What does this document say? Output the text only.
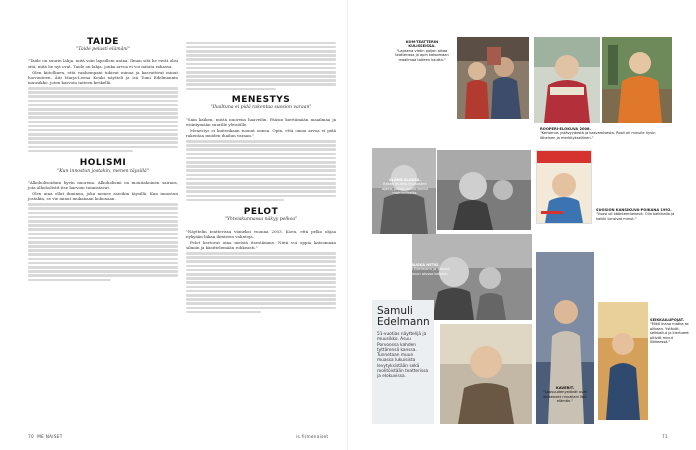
TAIDE
"Taide pelasti elämäni"

"Taide on suurin lahja, mitä voin lapsilleni antaa. Ilman sitä he eivät olisi sitä, mitä he nyt ovat. Taide on lahja, jonka arvoa ei voi mitata rahassa.

Olen kiitollinen, että vanhempani tukivat minua ja kasvattivat minut luovuuteen. Äiti Marja-Leena Kouki näytteli ja isä Tomi Edelmannin muusikko, joten kasvoin taiteen keskellä.

HOLISMI
"Kun innostun jostakin, menen täysillä"

"Alkoholisoiduin hyvin nuorena. Alkoholismi on monitahoinen sairaus, jota alkoholistit itse harvoin tunnistavat.

Olen aina ollut ihminen, joka menee asioihin täysillä. Kun innostun jostakin, se vie minut mukanaan kokonaan.

MENESTYS
"Ihailtuna ei pidä rakentaa suosion varaan"

"Sain kaiken, mistä nuorena haaveilin. Pääsin kiertämään maailmaa ja esiintymään suurille yleisöille.

Menestys ei kuitenkaan tuonut onnea. Opin, että omaa arvoa ei pidä rakentaa muiden ihailun varaan."

PELOT
"Yhteiskunnassa näkyy pelkoa"

"Näyttelin teatterissa viimeksi vuonna 2003. Koen, että pelko ohjaa nykyään liikaa ihmisten valintoja.

Pelot kertovat aina meistä itsestämme. Niitä voi oppia katsomaan silmiin ja käsittelemään rohkeasti."

KOM-TEATTERIN KULISSEISSA.
"Lapsena vietin paljon aikaa teatterissa ja opin katsomaan maailmaa taiteen kautta."
ROOPERI-ELOKUVA 2008.
"Kertomus ystävyydestä ja kasvamisesta. Rooli oli minulle hyvin läheinen ja merkityksellinen."
SLÄNG ELOSSA.
Rakas muisto kuvausten ajalta, jolloin kaikki tuntui mahdolliselta.
HAUSKA HETKI.
Isä Tomi Edelmann ja Samuli 1980-luvun alussa kotona.
SUOSION KANSIKUVA-POIKANA 1992.
"Vuosi oli käänteentekevä. Olin kaikkialla ja kaikki tunsivat minut."
Samuli
Edelmann
51-vuotias näyttelijä ja muusikko. Asuu Porvoossa kahden tyttärensä kanssa. Tunnetaan muun muassa lukuisista levytyksistään sekä roolitöistään teatterissa ja elokuvissa.
KAVERIT.
"Lapsuudenystävät ovat kulkeneet rinnallani läpi elämän."
SEIKKAILUPOJAT.
"Mikä ihana matka se olikaan. Ystävät, seikkailut ja kiertueet pitivät minut liikkeessä."
70 ME NAISET	is.fi/menaiset	71
